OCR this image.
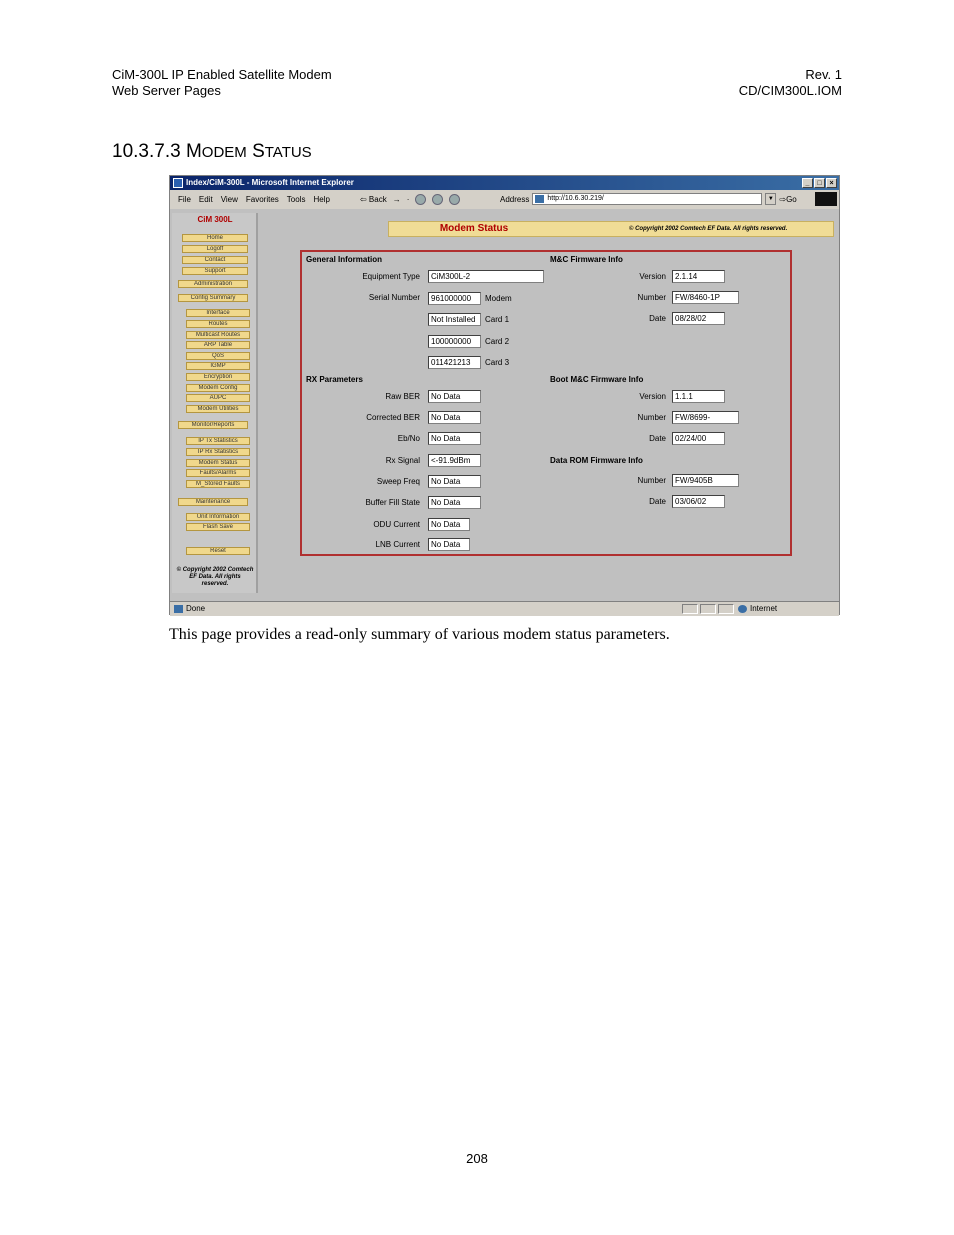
CiM-300L IP Enabled Satellite Modem
Web Server Pages
Rev. 1
CD/CIM300L.IOM
10.3.7.3 MODEM STATUS
Index/CiM-300L - Microsoft Internet Explorer	_	□	×
File Edit View Favorites Tools Help	⇦ Back → ·	Address	http://10.6.30.219/	▼ ⇨Go
CiM 300L
Home
Logoff
Contact
Support
Administration
Config Summary
Interface
Routes
Multicast Routes
ARP Table
QoS
IGMP
Encryption
Modem Config
AUPC
Modem Utilities
Monitor/Reports
IP Tx Statistics
IP Rx Statistics
Modem Status
Faults/Alarms
M_Stored Faults
Maintenance
Unit Information
Flash Save
Reset
© Copyright 2002 Comtech EF Data. All rights reserved.
Modem Status	© Copyright 2002 Comtech EF Data. All rights reserved.
General Information
Equipment Type	CiM300L-2
Serial Number	961000000	Modem
Not Installed	Card 1
100000000	Card 2
011421213	Card 3
RX Parameters
Raw BER	No Data
Corrected BER	No Data
Eb/No	No Data
Rx Signal	<-91.9dBm
Sweep Freq	No Data
Buffer Fill State	No Data
ODU Current	No Data
LNB Current	No Data
M&C Firmware Info
Version	2.1.14
Number	FW/8460-1P
Date	08/28/02
Boot M&C Firmware Info
Version	1.1.1
Number	FW/8699-
Date	02/24/00
Data ROM Firmware Info
Number	FW/9405B
Date	03/06/02
Done	Internet
This page provides a read-only summary of various modem status parameters.
208
